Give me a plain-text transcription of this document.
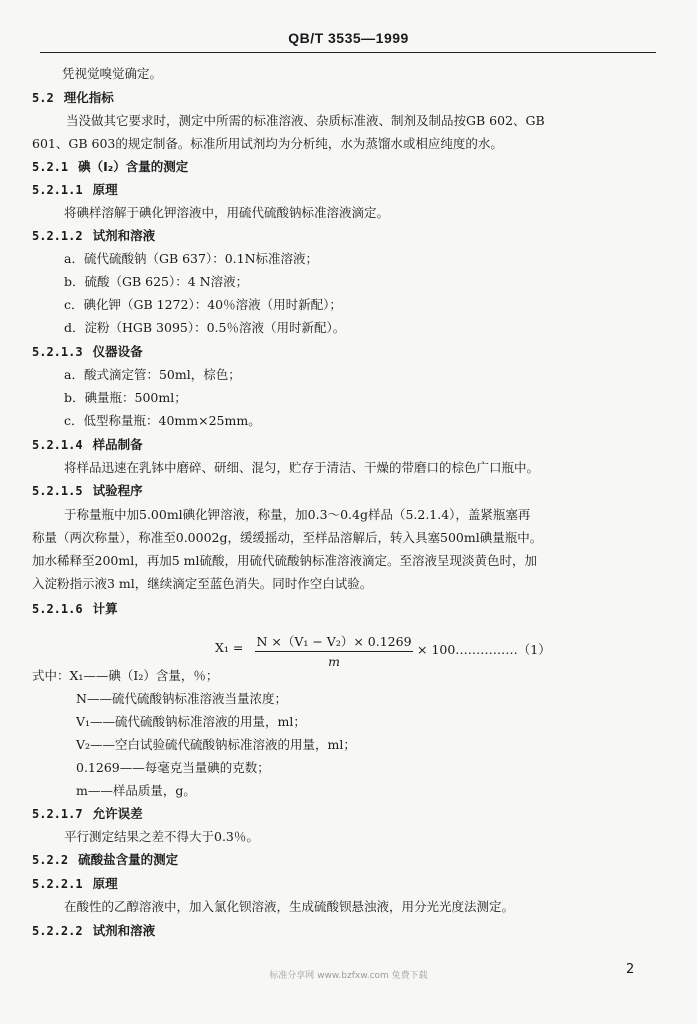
QB/T 3535—1999
凭视觉嗅觉确定。
5.2 理化指标
当没做其它要求时，测定中所需的标准溶液、杂质标准液、制剂及制品按GB 602、GB
601、GB 603的规定制备。标准所用试剂均为分析纯，水为蒸馏水或相应纯度的水。
5.2.1 碘（I₂）含量的测定
5.2.1.1 原理
将碘样溶解于碘化钾溶液中，用硫代硫酸钠标准溶液滴定。
5.2.1.2 试剂和溶液
a．硫代硫酸钠（GB 637）：0.1N标准溶液；
b．硫酸（GB 625）：4 N溶液；
c．碘化钾（GB 1272）：40％溶液（用时新配）；
d．淀粉（HGB 3095）：0.5％溶液（用时新配）。
5.2.1.3 仪器设备
a．酸式滴定管：50ml，棕色；
b．碘量瓶：500ml；
c．低型称量瓶：40mm×25mm。
5.2.1.4 样品制备
将样品迅速在乳钵中磨碎、研细、混匀，贮存于清洁、干燥的带磨口的棕色广口瓶中。
5.2.1.5 试验程序
于称量瓶中加5.00ml碘化钾溶液，称量，加0.3～0.4g样品（5.2.1.4），盖紧瓶塞再
称量（两次称量），称准至0.0002g，缓缓摇动，至样品溶解后，转入具塞500ml碘量瓶中。
加水稀释至200ml，再加5 ml硫酸，用硫代硫酸钠标准溶液滴定。至溶液呈现淡黄色时，加
入淀粉指示液3 ml，继续滴定至蓝色消失。同时作空白试验。
5.2.1.6 计算
式中：X₁——碘（I₂）含量，％；
N——硫代硫酸钠标准溶液当量浓度；
V₁——硫代硫酸钠标准溶液的用量，ml；
V₂——空白试验硫代硫酸钠标准溶液的用量，ml；
0.1269——每毫克当量碘的克数；
m——样品质量，g。
5.2.1.7 允许误差
平行测定结果之差不得大于0.3％。
5.2.2 硫酸盐含量的测定
5.2.2.1 原理
在酸性的乙醇溶液中，加入氯化钡溶液，生成硫酸钡悬浊液，用分光光度法测定。
5.2.2.2 试剂和溶液
$X_1 = \frac{\text{N ×（V₁ − V₂）× 0.1269}}{m}$ × 100……………（1）
标准分享网 www.bzfxw.com 免费下载	2
